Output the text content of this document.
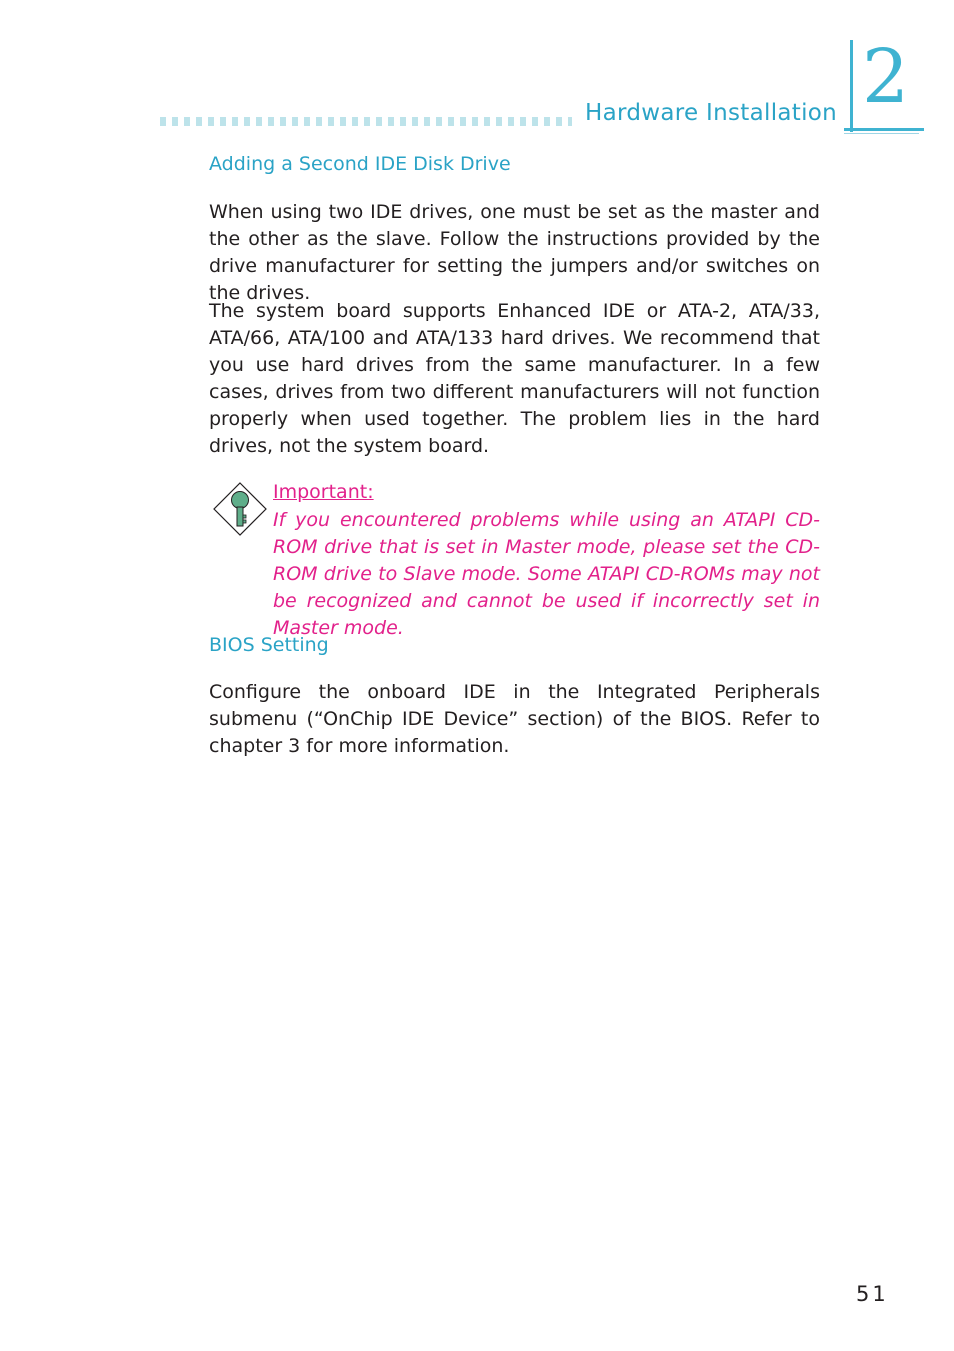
Hardware Installation 2
Adding a Second IDE Disk Drive

When using two IDE drives, one must be set as the master and the other as the slave. Follow the instructions provided by the drive manufacturer for setting the jumpers and/or switches on the drives.

The system board supports Enhanced IDE or ATA-2, ATA/33, ATA/66, ATA/100 and ATA/133 hard drives. We recommend that you use hard drives from the same manufacturer. In a few cases, drives from two different manufacturers will not function properly when used together. The problem lies in the hard drives, not the system board.

Important:

If you encountered problems while using an ATAPI CD-ROM drive that is set in Master mode, please set the CD-ROM drive to Slave mode. Some ATAPI CD-ROMs may not be recognized and cannot be used if incorrectly set in Master mode.

BIOS Setting

Configure the onboard IDE in the Integrated Peripherals submenu (“OnChip IDE Device” section) of the BIOS. Refer to chapter 3 for more information.

51
